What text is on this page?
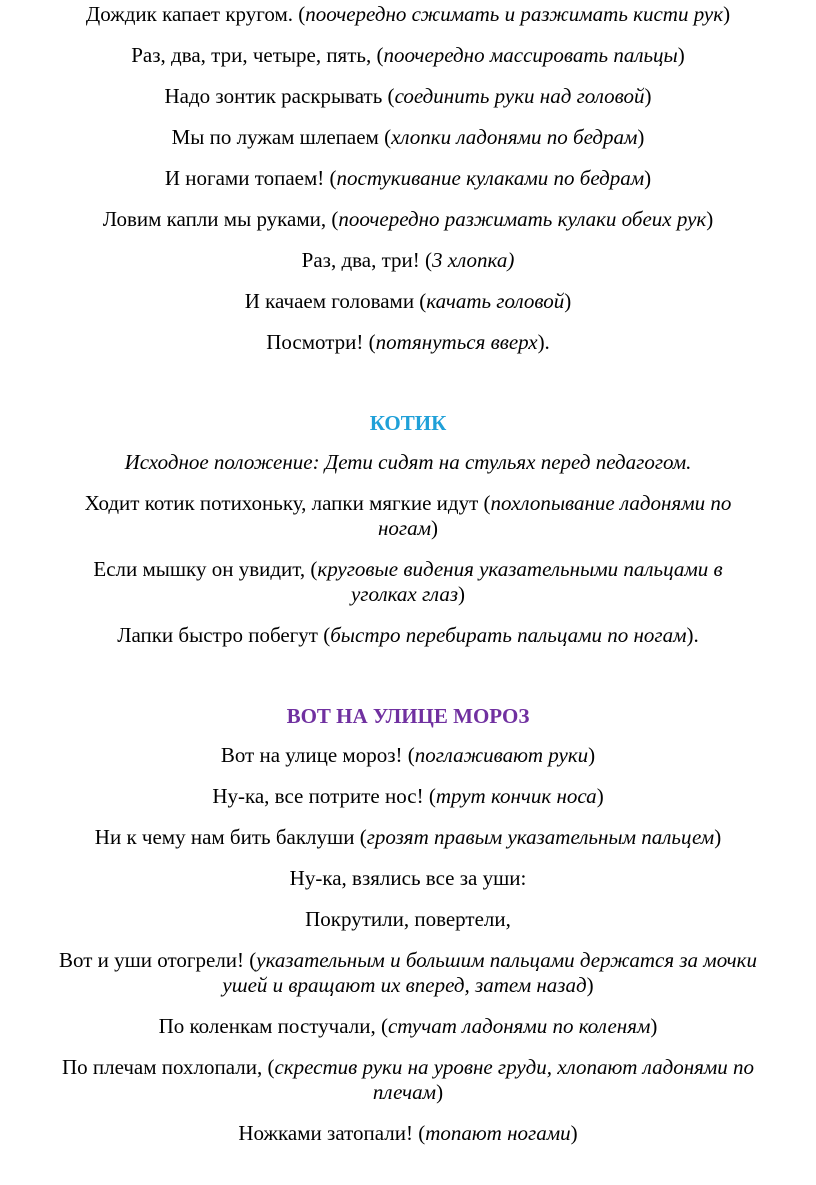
Дождик капает кругом. (поочередно сжимать и разжимать кисти рук)

Раз, два, три, четыре, пять, (поочередно массировать пальцы)

Надо зонтик раскрывать (соединить руки над головой)

Мы по лужам шлепаем (хлопки ладонями по бедрам)

И ногами топаем! (постукивание кулаками по бедрам)

Ловим капли мы руками, (поочередно разжимать кулаки обеих рук)

Раз, два, три! (3 хлопка)

И качаем головами (качать головой)

Посмотри! (потянуться вверх).

КОТИК

Исходное положение: Дети сидят на стульях перед педагогом.

Ходит котик потихоньку, лапки мягкие идут (похлопывание ладонями по
ногам)

Если мышку он увидит, (круговые видения указательными пальцами в
уголках глаз)

Лапки быстро побегут (быстро перебирать пальцами по ногам).

ВОТ НА УЛИЦЕ МОРОЗ

Вот на улице мороз! (поглаживают руки)

Ну-ка, все потрите нос! (трут кончик носа)

Ни к чему нам бить баклуши (грозят правым указательным пальцем)

Ну-ка, взялись все за уши:

Покрутили, повертели,

Вот и уши отогрели! (указательным и большим пальцами держатся за мочки
ушей и вращают их вперед, затем назад)

По коленкам постучали, (стучат ладонями по коленям)

По плечам похлопали, (скрестив руки на уровне груди, хлопают ладонями по
плечам)

Ножками затопали! (топают ногами)
